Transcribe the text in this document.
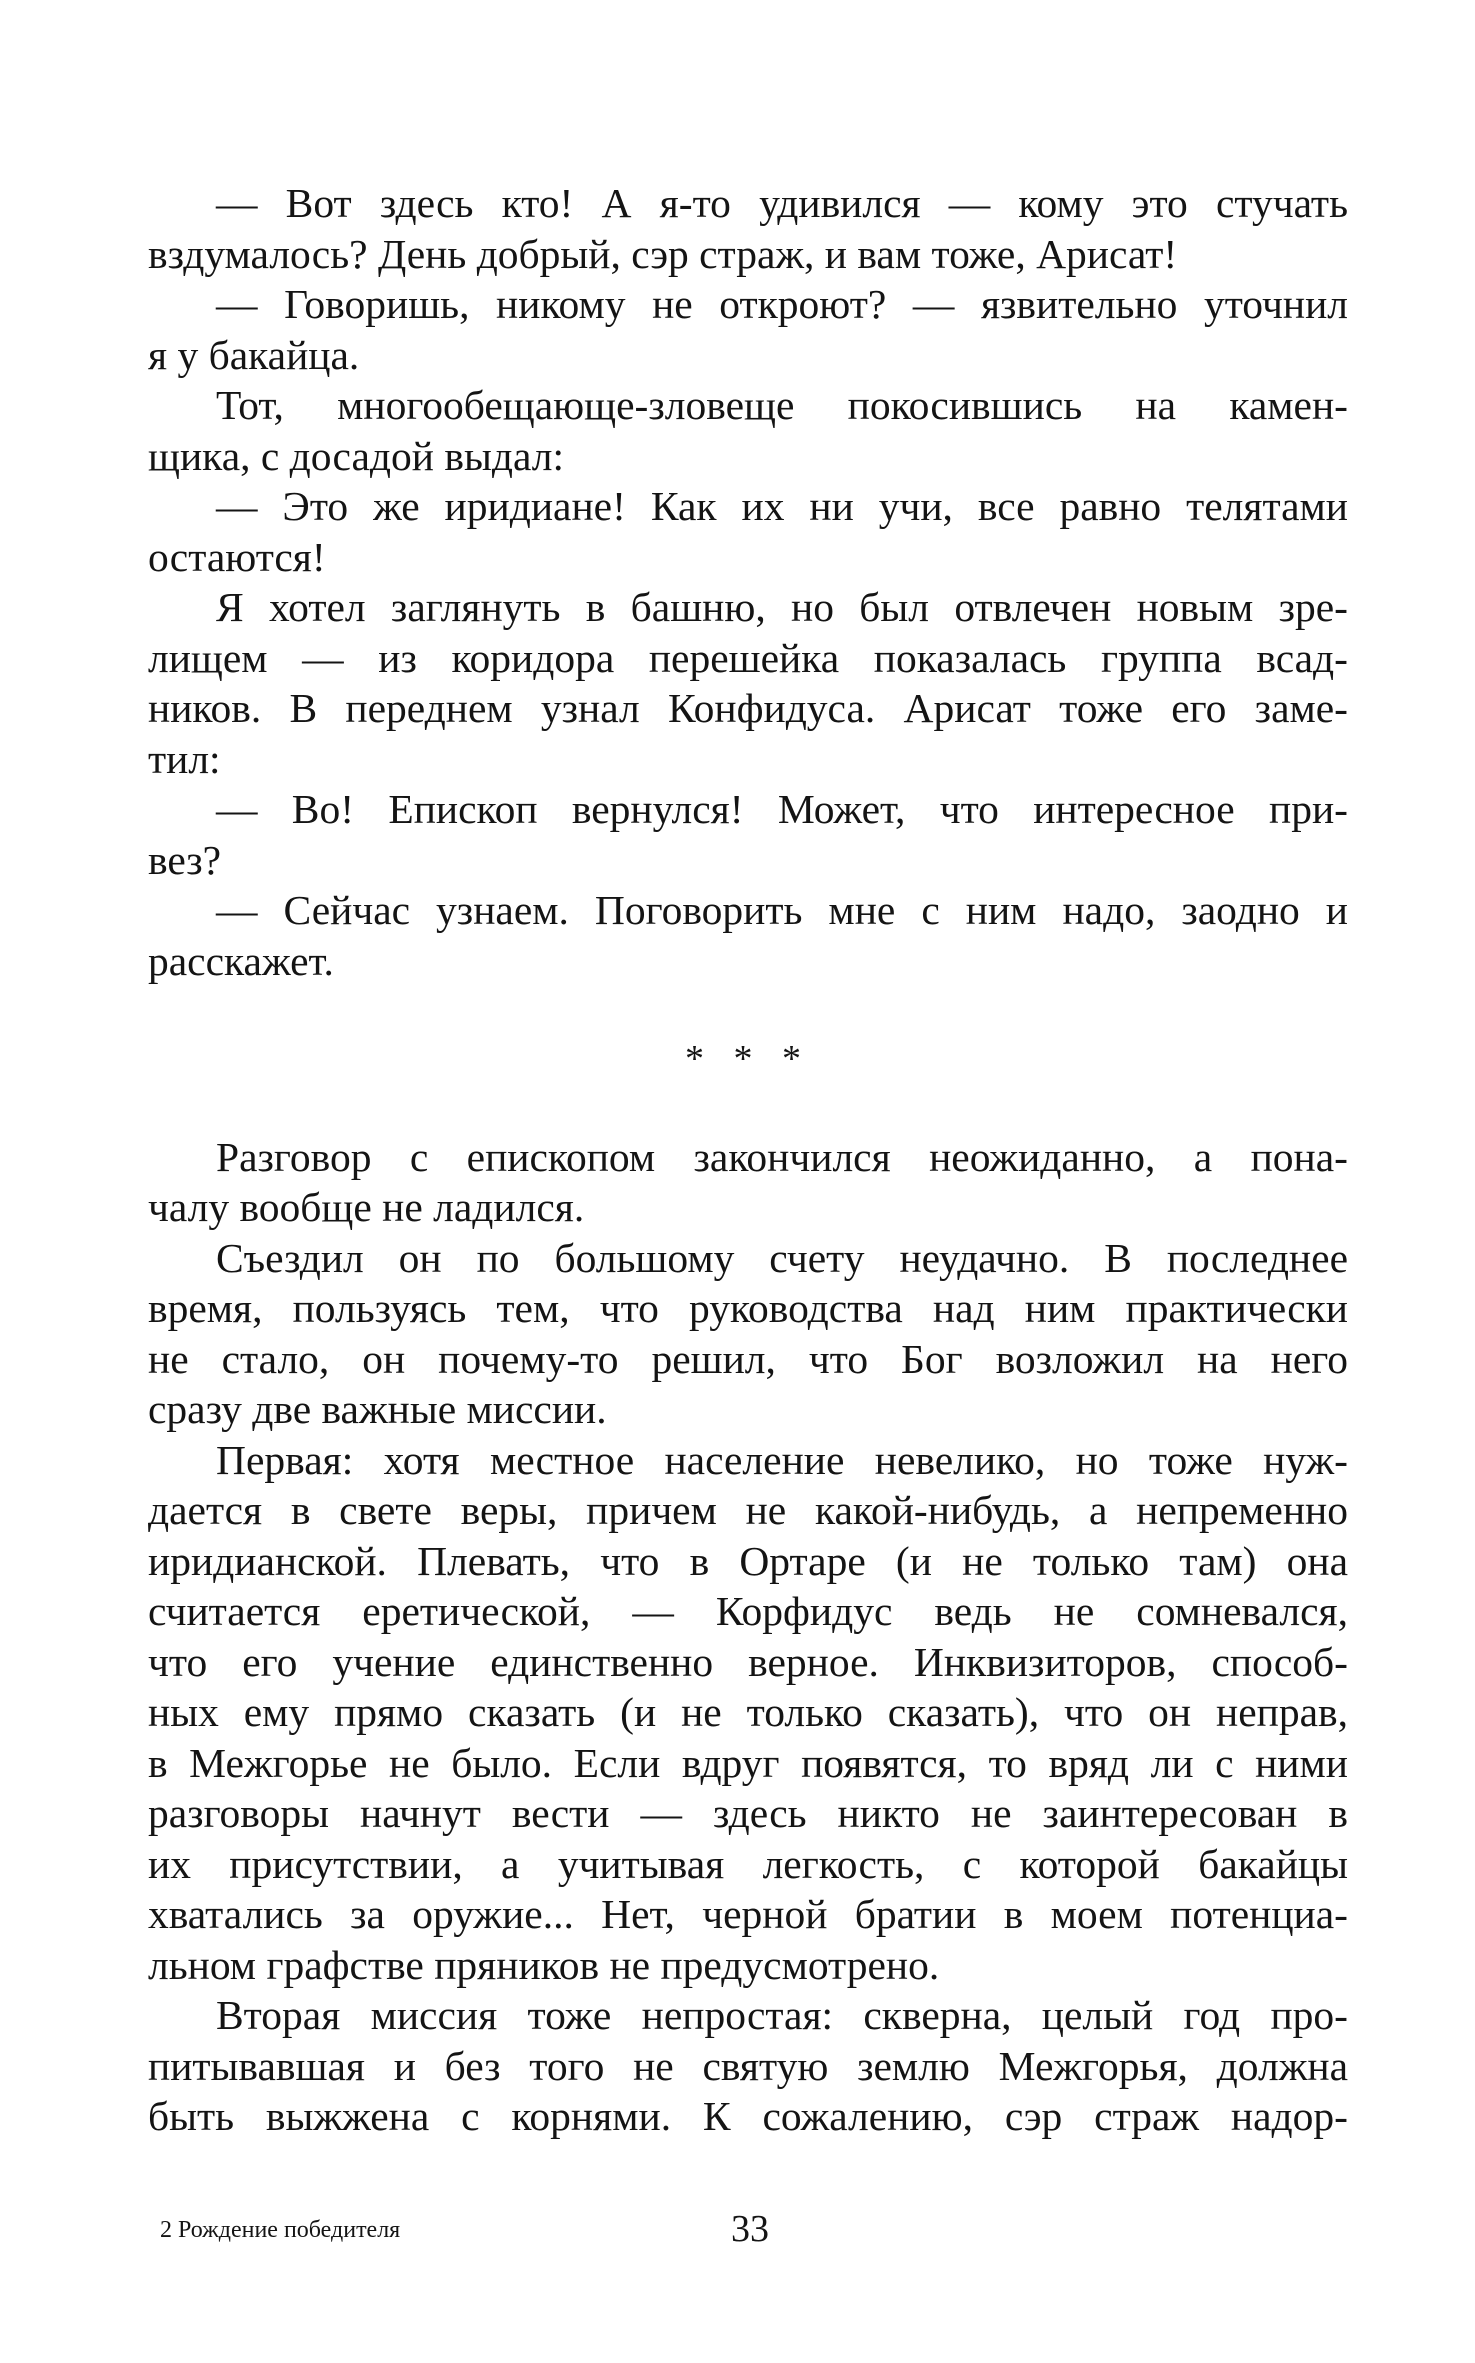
— Вот здесь кто! А я-то удивился — кому это стучать
вздумалось? День добрый, сэр страж, и вам тоже, Арисат!
— Говоришь, никому не откроют? — язвительно уточнил
я у бакайца.
Тот, многообещающе-зловеще покосившись на камен-
щика, с досадой выдал:
— Это же иридиане! Как их ни учи, все равно телятами
остаются!
Я хотел заглянуть в башню, но был отвлечен новым зре-
лищем — из коридора перешейка показалась группа всад-
ников. В переднем узнал Конфидуса. Арисат тоже его заме-
тил:
— Во! Епископ вернулся! Может, что интересное при-
вез?
— Сейчас узнаем. Поговорить мне с ним надо, заодно и
расскажет.
* * *
Разговор с епископом закончился неожиданно, а пона-
чалу вообще не ладился.
Съездил он по большому счету неудачно. В последнее
время, пользуясь тем, что руководства над ним практически
не стало, он почему-то решил, что Бог возложил на него
сразу две важные миссии.
Первая: хотя местное население невелико, но тоже нуж-
дается в свете веры, причем не какой-нибудь, а непременно
иридианской. Плевать, что в Ортаре (и не только там) она
считается еретической, — Корфидус ведь не сомневался,
что его учение единственно верное. Инквизиторов, способ-
ных ему прямо сказать (и не только сказать), что он неправ,
в Межгорье не было. Если вдруг появятся, то вряд ли с ними
разговоры начнут вести — здесь никто не заинтересован в
их присутствии, а учитывая легкость, с которой бакайцы
хватались за оружие... Нет, черной братии в моем потенциа-
льном графстве пряников не предусмотрено.
Вторая миссия тоже непростая: скверна, целый год про-
питывавшая и без того не святую землю Межгорья, должна
быть выжжена с корнями. К сожалению, сэр страж надор-
2 Рождение победителя	33
